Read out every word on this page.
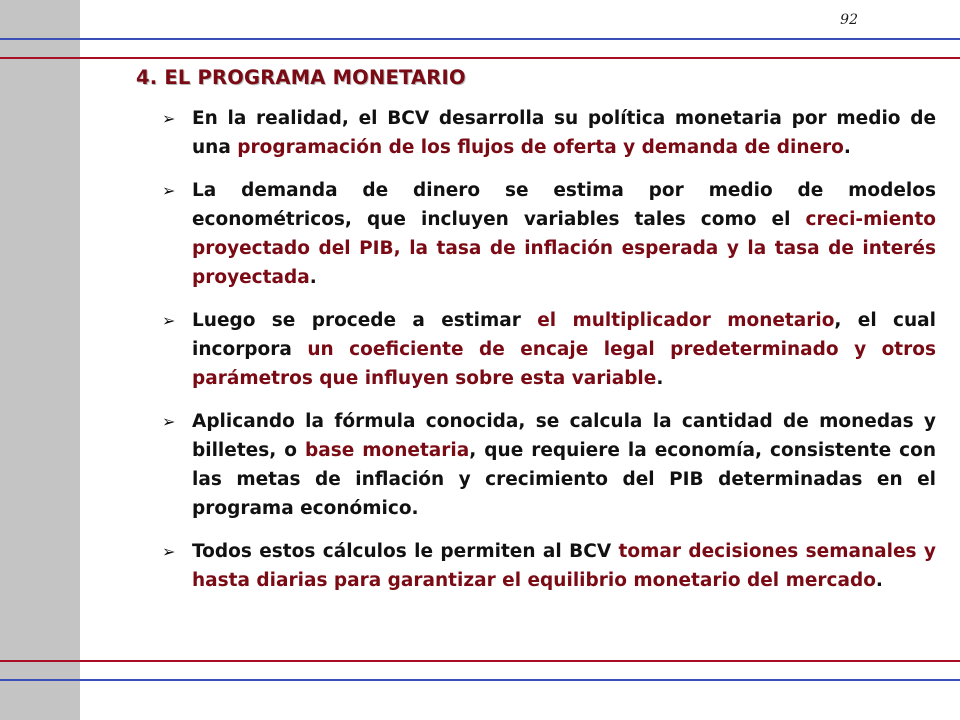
92
4. EL PROGRAMA MONETARIO
➢ En la realidad, el BCV desarrolla su política monetaria por medio de una programación de los flujos de oferta y demanda de dinero.
➢ La demanda de dinero se estima por medio de modelos econométricos, que incluyen variables tales como el creci-miento proyectado del PIB, la tasa de inflación esperada y la tasa de interés proyectada.
➢ Luego se procede a estimar el multiplicador monetario, el cual incorpora un coeficiente de encaje legal predeterminado y otros parámetros que influyen sobre esta variable.
➢ Aplicando la fórmula conocida, se calcula la cantidad de monedas y billetes, o base monetaria, que requiere la economía, consistente con las metas de inflación y crecimiento del PIB determinadas en el programa económico.
➢ Todos estos cálculos le permiten al BCV tomar decisiones semanales y hasta diarias para garantizar el equilibrio monetario del mercado.
